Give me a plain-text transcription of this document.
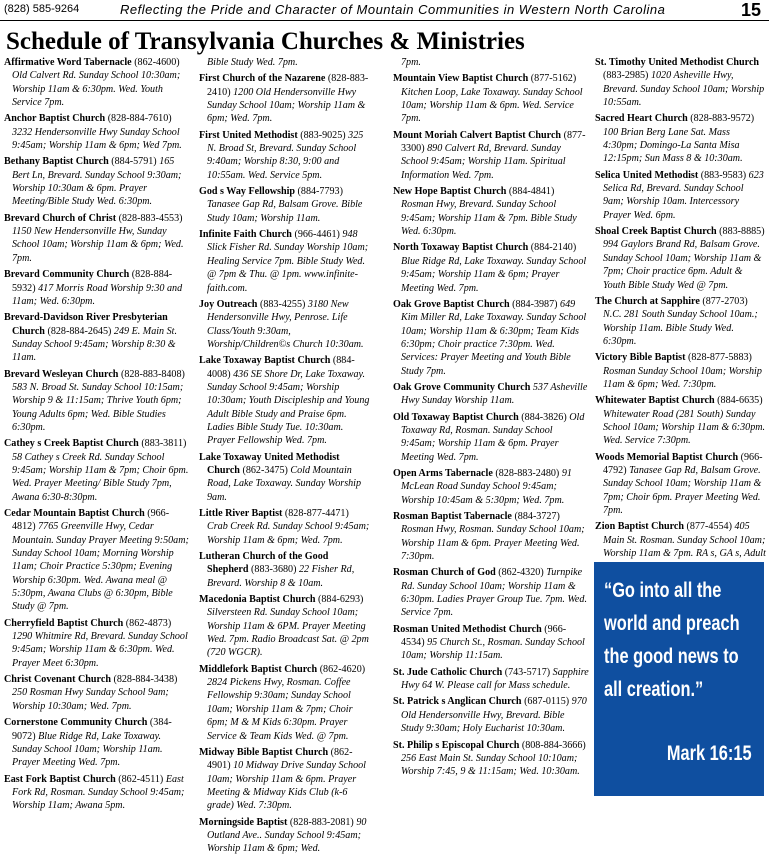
(828) 585-9264	Reflecting the Pride and Character of Mountain Communities in Western North Carolina	15
Schedule of Transylvania Churches & Ministries
Affirmative Word Tabernacle (862-4600) Old Calvert Rd. Sunday School 10:30am; Worship 11am & 6:30pm. Wed. Youth Service 7pm.
Anchor Baptist Church (828-884-7610) 3232 Hendersonville Hwy Sunday School 9:45am; Worship 11am & 6pm; Wed 7pm.
Bethany Baptist Church (884-5791) 165 Bert Ln, Brevard. Sunday School 9:30am; Worship 10:30am & 6pm. Prayer Meeting/Bible Study Wed. 6:30pm.
Brevard Church of Christ (828-883-4553) 1150 New Hendersonville Hw, Sunday School 10am; Worship 11am & 6pm; Wed. 7pm.
Brevard Community Church (828-884-5932) 417 Morris Road Worship 9:30 and 11am; Wed. 6:30pm.
Brevard-Davidson River Presbyterian Church (828-884-2645) 249 E. Main St. Sunday School 9:45am; Worship 8:30 & 11am.
Brevard Wesleyan Church (828-883-8408) 583 N. Broad St. Sunday School 10:15am; Worship 9 & 11:15am; Thrive Youth 6pm; Young Adults 6pm; Wed. Bible Studies 6:30pm.
Cathey s Creek Baptist Church (883-3811) 58 Cathey s Creek Rd. Sunday School 9:45am; Worship 11am & 7pm; Choir 6pm. Wed. Prayer Meeting/ Bible Study 7pm, Awana 6:30-8:30pm.
Cedar Mountain Baptist Church (966-4812) 7765 Greenville Hwy, Cedar Mountain. Sunday Prayer Meeting 9:50am; Sunday School 10am; Morning Worship 11am; Choir Practice 5:30pm; Evening Worship 6:30pm. Wed. Awana meal @ 5:30pm, Awana Clubs @ 6:30pm, Bible Study @ 7pm.
Cherryfield Baptist Church (862-4873) 1290 Whitmire Rd, Brevard. Sunday School 9:45am; Worship 11am & 6:30pm. Wed. Prayer Meet 6:30pm.
Christ Covenant Church (828-884-3438) 250 Rosman Hwy Sunday School 9am; Worship 10:30am; Wed. 7pm.
Cornerstone Community Church (384-9072) Blue Ridge Rd, Lake Toxaway. Sunday School 10am; Worship 11am. Prayer Meeting Wed. 7pm.
East Fork Baptist Church (862-4511) East Fork Rd, Rosman. Sunday School 9:45am; Worship 11am; Awana 5pm.
Bible Study Wed. 7pm.
First Church of the Nazarene (828-883-2410) 1200 Old Hendersonville Hwy Sunday School 10am; Worship 11am & 6pm; Wed. 7pm.
First United Methodist (883-9025) 325 N. Broad St, Brevard. Sunday School 9:40am; Worship 8:30, 9:00 and 10:55am. Wed. Service 5pm.
God s Way Fellowship (884-7793) Tanasee Gap Rd, Balsam Grove. Bible Study 10am; Worship 11am.
Infinite Faith Church (966-4461) 948 Slick Fisher Rd. Sunday Worship 10am; Healing Service 7pm. Bible Study Wed. @ 7pm & Thu. @ 1pm. www.infinite-faith.com.
Joy Outreach (883-4255) 3180 New Hendersonville Hwy, Penrose. Life Class/Youth 9:30am, Worship/Children©s Church 10:30am.
Lake Toxaway Baptist Church (884-4008) 436 SE Shore Dr, Lake Toxaway. Sunday School 9:45am; Worship 10:30am; Youth Discipleship and Young Adult Bible Study and Praise 6pm. Ladies Bible Study Tue. 10:30am. Prayer Fellowship Wed. 7pm.
Lake Toxaway United Methodist Church (862-3475) Cold Mountain Road, Lake Toxaway. Sunday Worship 9am.
Little River Baptist (828-877-4471) Crab Creek Rd. Sunday School 9:45am; Worship 11am & 6pm; Wed. 7pm.
Lutheran Church of the Good Shepherd (883-3680) 22 Fisher Rd, Brevard. Worship 8 & 10am.
Macedonia Baptist Church (884-6293) Silversteen Rd. Sunday School 10am; Worship 11am & 6PM. Prayer Meeting Wed. 7pm. Radio Broadcast Sat. @ 2pm (720 WGCR).
Middlefork Baptist Church (862-4620) 2824 Pickens Hwy, Rosman. Coffee Fellowship 9:30am; Sunday School 10am; Worship 11am & 7pm; Choir 6pm; M & M Kids 6:30pm. Prayer Service & Team Kids Wed. @ 7pm.
Midway Bible Baptist Church (862-4901) 10 Midway Drive Sunday School 10am; Worship 11am & 6pm. Prayer Meeting & Midway Kids Club (k-6 grade) Wed. 7:30pm.
Morningside Baptist (828-883-2081) 90 Outland Ave.. Sunday School 9:45am; Worship 11am & 6pm; Wed.
7pm.
Mountain View Baptist Church (877-5162) Kitchen Loop, Lake Toxaway. Sunday School 10am; Worship 11am & 6pm. Wed. Service 7pm.
Mount Moriah Calvert Baptist Church (877-3300) 890 Calvert Rd, Brevard. Sunday School 9:45am; Worship 11am. Spiritual Information Wed. 7pm.
New Hope Baptist Church (884-4841) Rosman Hwy, Brevard. Sunday School 9:45am; Worship 11am & 7pm. Bible Study Wed. 6:30pm.
North Toxaway Baptist Church (884-2140) Blue Ridge Rd, Lake Toxaway. Sunday School 9:45am; Worship 11am & 6pm; Prayer Meeting Wed. 7pm.
Oak Grove Baptist Church (884-3987) 649 Kim Miller Rd, Lake Toxaway. Sunday School 10am; Worship 11am & 6:30pm; Team Kids 6:30pm; Choir practice 7:30pm. Wed. Services: Prayer Meeting and Youth Bible Study 7pm.
Oak Grove Community Church 537 Asheville Hwy Sunday Worship 11am.
Old Toxaway Baptist Church (884-3826) Old Toxaway Rd, Rosman. Sunday School 9:45am; Worship 11am & 6pm. Prayer Meeting Wed. 7pm.
Open Arms Tabernacle (828-883-2480) 91 McLean Road Sunday School 9:45am; Worship 10:45am & 5:30pm; Wed. 7pm.
Rosman Baptist Tabernacle (884-3727) Rosman Hwy, Rosman. Sunday School 10am; Worship 11am & 6pm. Prayer Meeting Wed. 7:30pm.
Rosman Church of God (862-4320) Turnpike Rd. Sunday School 10am; Worship 11am & 6:30pm. Ladies Prayer Group Tue. 7pm. Wed. Service 7pm.
Rosman United Methodist Church (966-4534) 95 Church St., Rosman. Sunday School 10am; Worship 11:15am.
St. Jude Catholic Church (743-5717) Sapphire Hwy 64 W. Please call for Mass schedule.
St. Patrick s Anglican Church (687-0115) 970 Old Hendersonville Hwy, Brevard. Bible Study 9:30am; Holy Eucharist 10:30am.
St. Philip s Episcopal Church (808-884-3666) 256 East Main St. Sunday School 10:10am; Worship 7:45, 9 & 11:15am; Wed. 10:30am.
St. Timothy United Methodist Church (883-2985) 1020 Asheville Hwy, Brevard. Sunday School 10am; Worship 10:55am.
Sacred Heart Church (828-883-9572) 100 Brian Berg Lane Sat. Mass 4:30pm; Domingo-La Santa Misa 12:15pm; Sun Mass 8 & 10:30am.
Selica United Methodist (883-9583) 623 Selica Rd, Brevard. Sunday School 9am; Worship 10am. Intercessory Prayer Wed. 6pm.
Shoal Creek Baptist Church (883-8885) 994 Gaylors Brand Rd, Balsam Grove. Sunday School 10am; Worship 11am & 7pm; Choir practice 6pm. Adult & Youth Bible Study Wed @ 7pm.
The Church at Sapphire (877-2703) N.C. 281 South Sunday School 10am.; Worship 11am. Bible Study Wed. 6:30pm.
Victory Bible Baptist (828-877-5883) Rosman Sunday School 10am; Worship 11am & 6pm; Wed. 7:30pm.
Whitewater Baptist Church (884-6635) Whitewater Road (281 South) Sunday School 10am; Worship 11am & 6:30pm. Wed. Service 7:30pm.
Woods Memorial Baptist Church (966-4792) Tanasee Gap Rd, Balsam Grove. Sunday School 10am; Worship 11am & 7pm; Choir 6pm. Prayer Meeting Wed. 7pm.
Zion Baptist Church (877-4554) 405 Main St. Rosman. Sunday School 10am; Worship 11am & 7pm. RA s, GA s, Adult
“Go into all the world and preach the good news to all creation.”
Mark 16:15
